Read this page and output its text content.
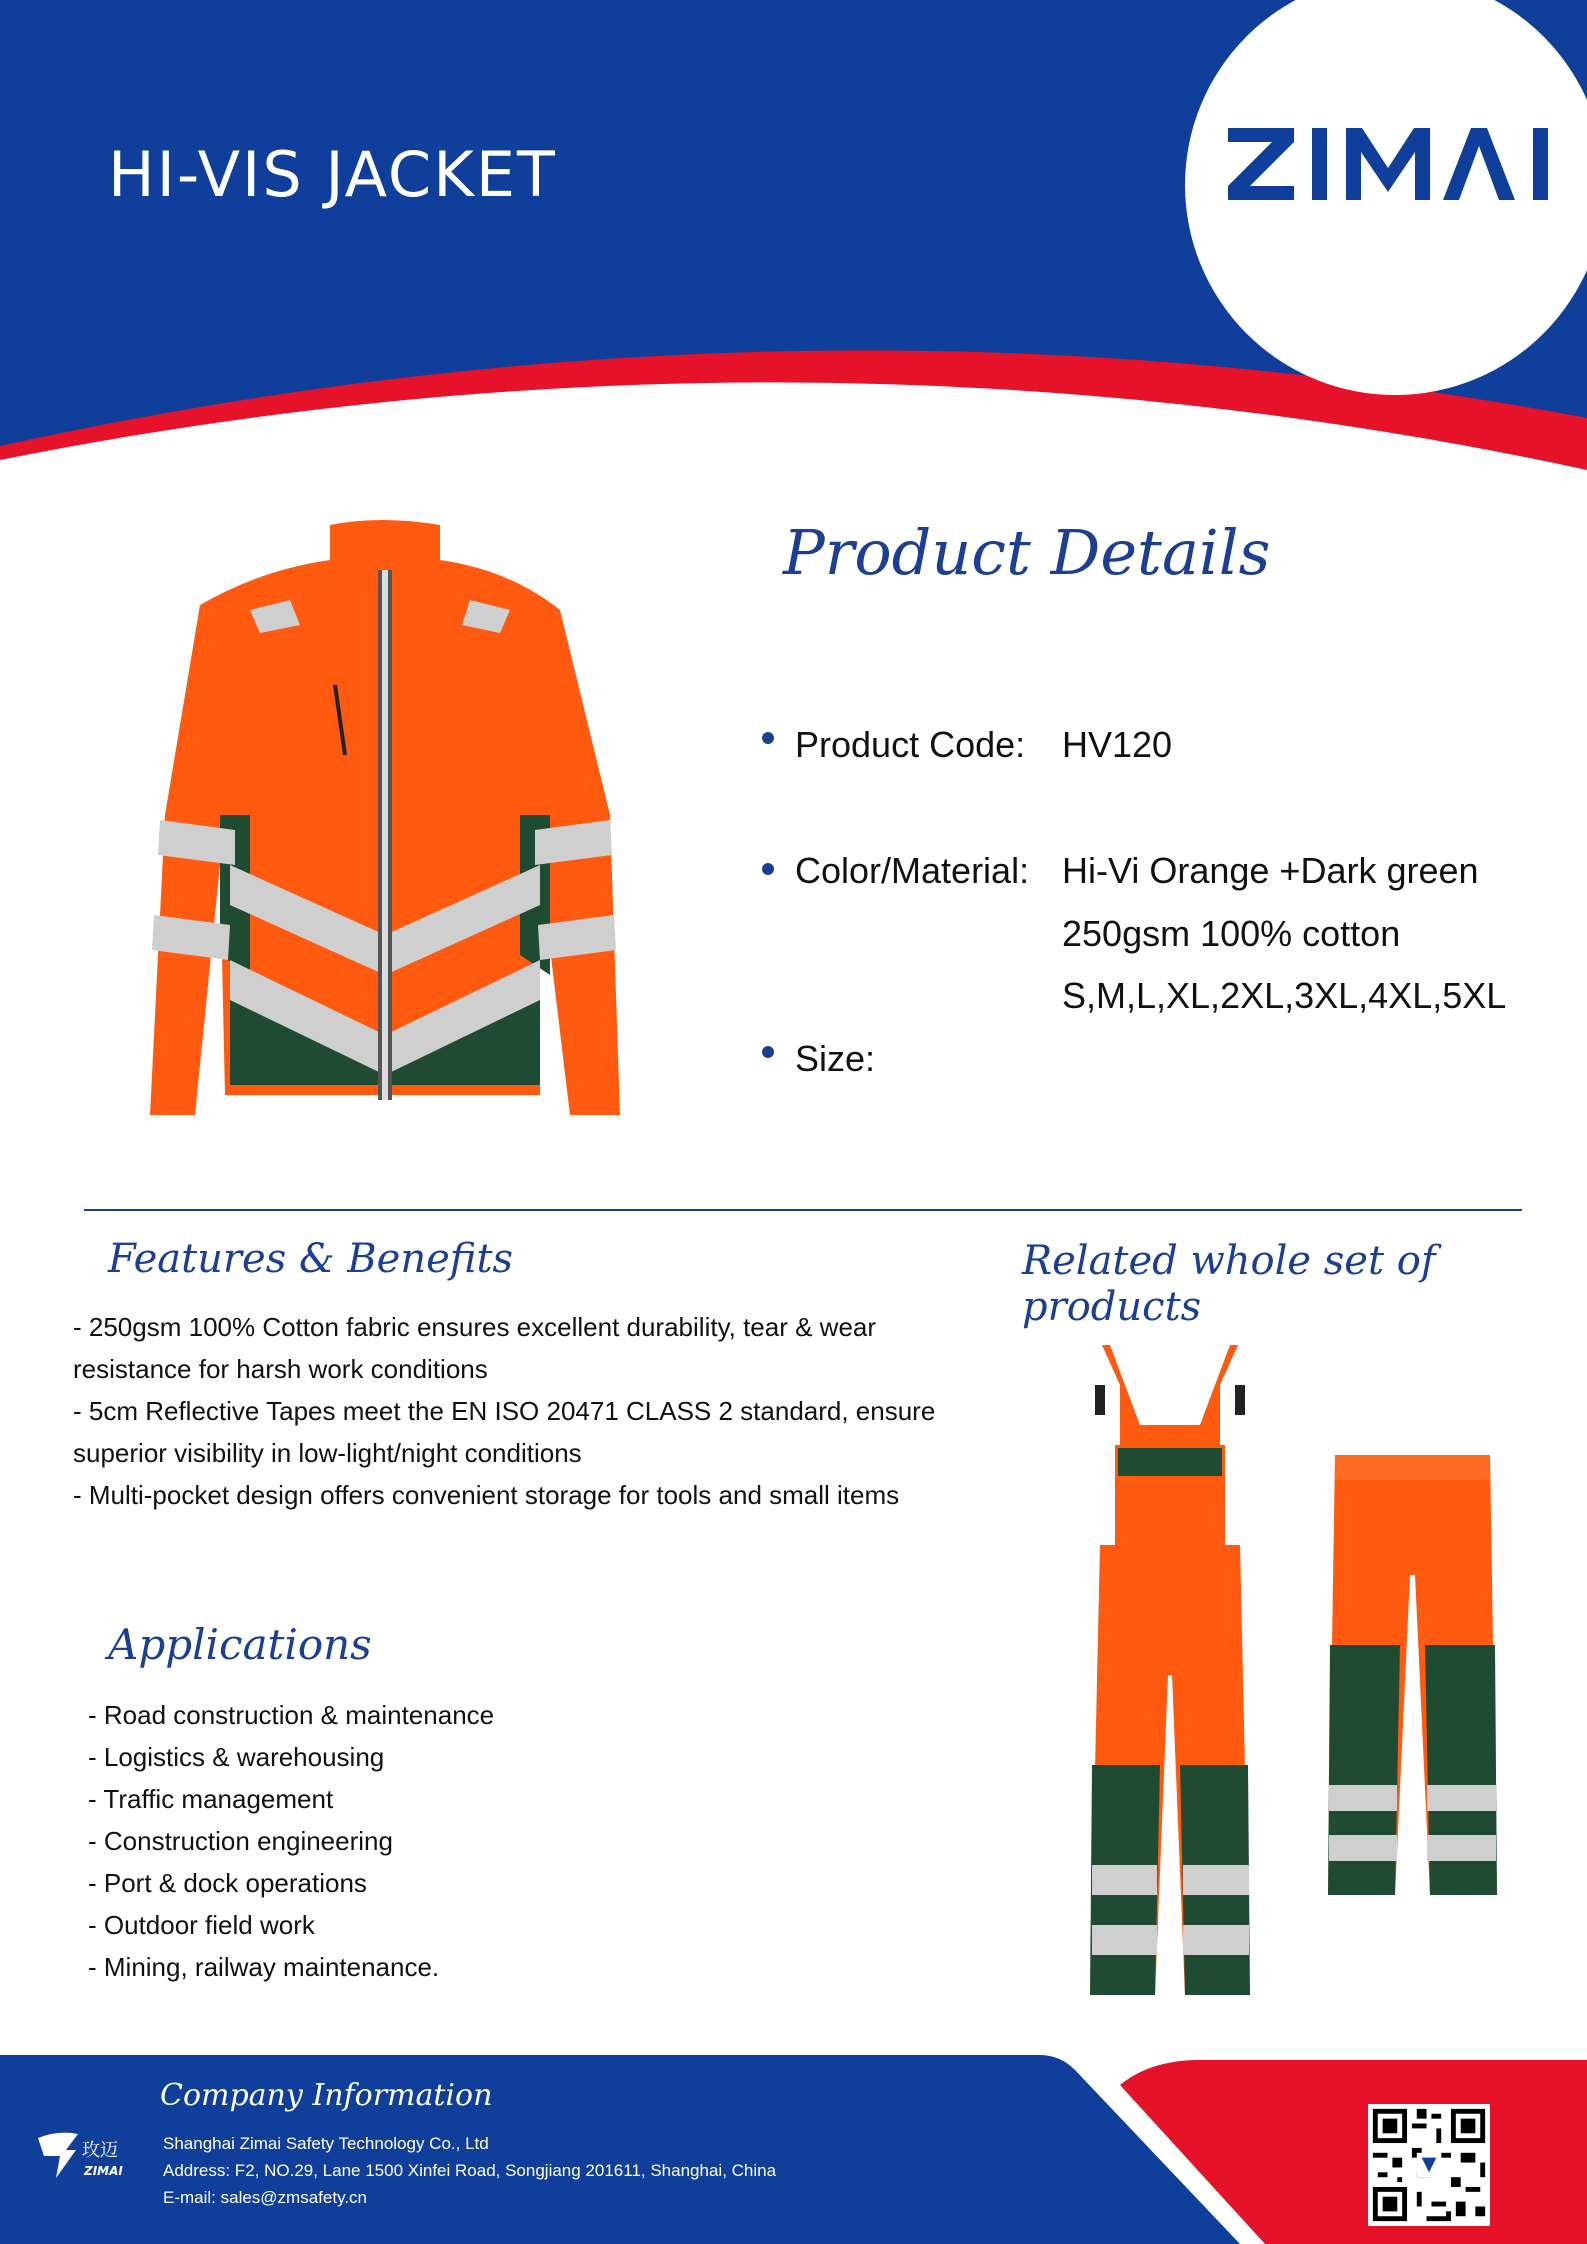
HI-VIS JACKET
Product Details
Product Code: HV120
Color/Material: Hi-Vi Orange +Dark green
250gsm 100% cotton
S,M,L,XL,2XL,3XL,4XL,5XL
Size:
Features & Benefits
- 250gsm 100% Cotton fabric ensures excellent durability, tear & wear
resistance for harsh work conditions
- 5cm Reflective Tapes meet the EN ISO 20471 CLASS 2 standard, ensure
superior visibility in low-light/night conditions
- Multi-pocket design offers convenient storage for tools and small items
Related whole set of products
Applications
- Road construction & maintenance
- Logistics & warehousing
- Traffic management
- Construction engineering
- Port & dock operations
- Outdoor field work
- Mining, railway maintenance.
玫迈
ZIMAI
Company Information
Shanghai Zimai Safety Technology Co., Ltd
Address: F2, NO.29, Lane 1500 Xinfei Road, Songjiang 201611, Shanghai, China
E-mail: sales@zmsafety.cn
